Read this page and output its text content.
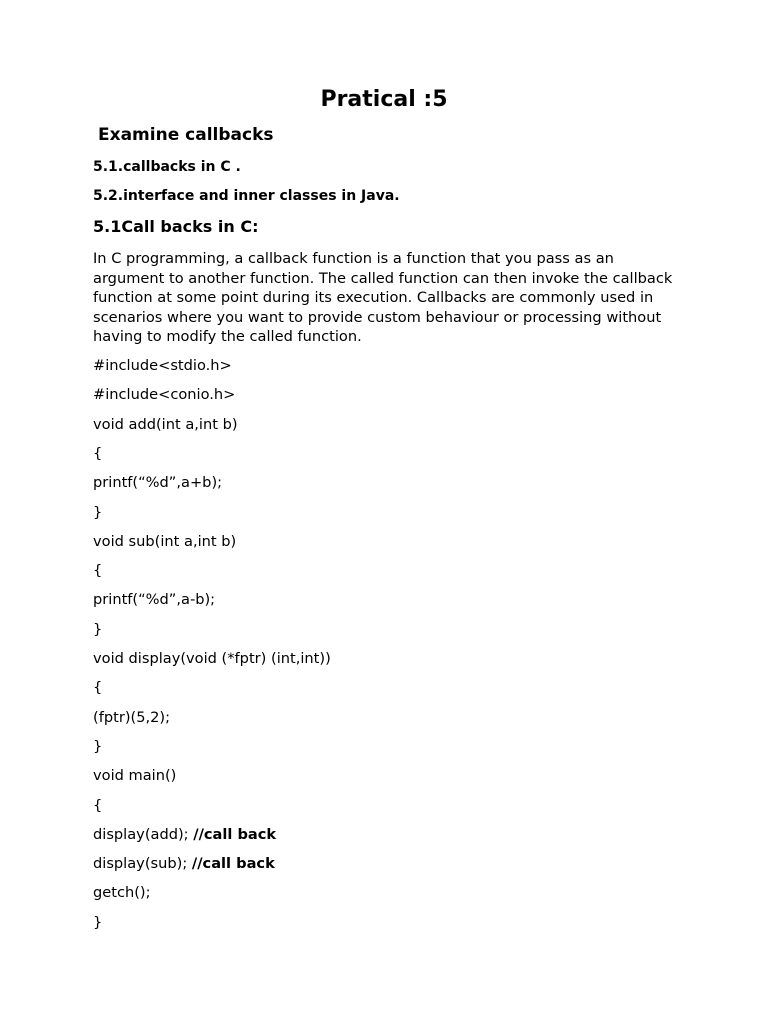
Pratical :5
Examine callbacks

5.1.callbacks in C .

5.2.interface and inner classes in Java.

5.1Call backs in C:

In C programming, a callback function is a function that you pass as an argument to another function. The called function can then invoke the callback function at some point during its execution. Callbacks are commonly used in scenarios where you want to provide custom behaviour or processing without having to modify the called function.

#include<stdio.h>

#include<conio.h>

void add(int a,int b)

{

printf(“%d”,a+b);

}

void sub(int a,int b)

{

printf(“%d”,a-b);

}

void display(void (*fptr) (int,int))

{

(fptr)(5,2);

}

void main()

{

display(add); //call back

display(sub); //call back

getch();

}
